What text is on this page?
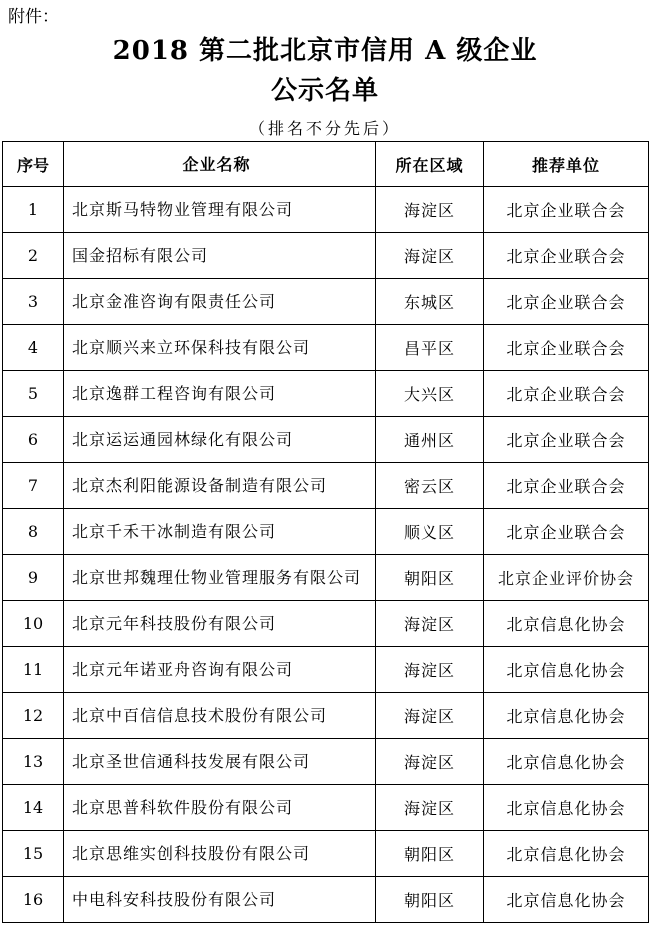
附件：
2018 第二批北京市信用 A 级企业
公示名单
（排名不分先后）
序号	企业名称	所在区域	推荐单位
1	北京斯马特物业管理有限公司	海淀区	北京企业联合会
2	国金招标有限公司	海淀区	北京企业联合会
3	北京金准咨询有限责任公司	东城区	北京企业联合会
4	北京顺兴来立环保科技有限公司	昌平区	北京企业联合会
5	北京逸群工程咨询有限公司	大兴区	北京企业联合会
6	北京运运通园林绿化有限公司	通州区	北京企业联合会
7	北京杰利阳能源设备制造有限公司	密云区	北京企业联合会
8	北京千禾干冰制造有限公司	顺义区	北京企业联合会
9	北京世邦魏理仕物业管理服务有限公司	朝阳区	北京企业评价协会
10	北京元年科技股份有限公司	海淀区	北京信息化协会
11	北京元年诺亚舟咨询有限公司	海淀区	北京信息化协会
12	北京中百信信息技术股份有限公司	海淀区	北京信息化协会
13	北京圣世信通科技发展有限公司	海淀区	北京信息化协会
14	北京思普科软件股份有限公司	海淀区	北京信息化协会
15	北京思维实创科技股份有限公司	朝阳区	北京信息化协会
16	中电科安科技股份有限公司	朝阳区	北京信息化协会
